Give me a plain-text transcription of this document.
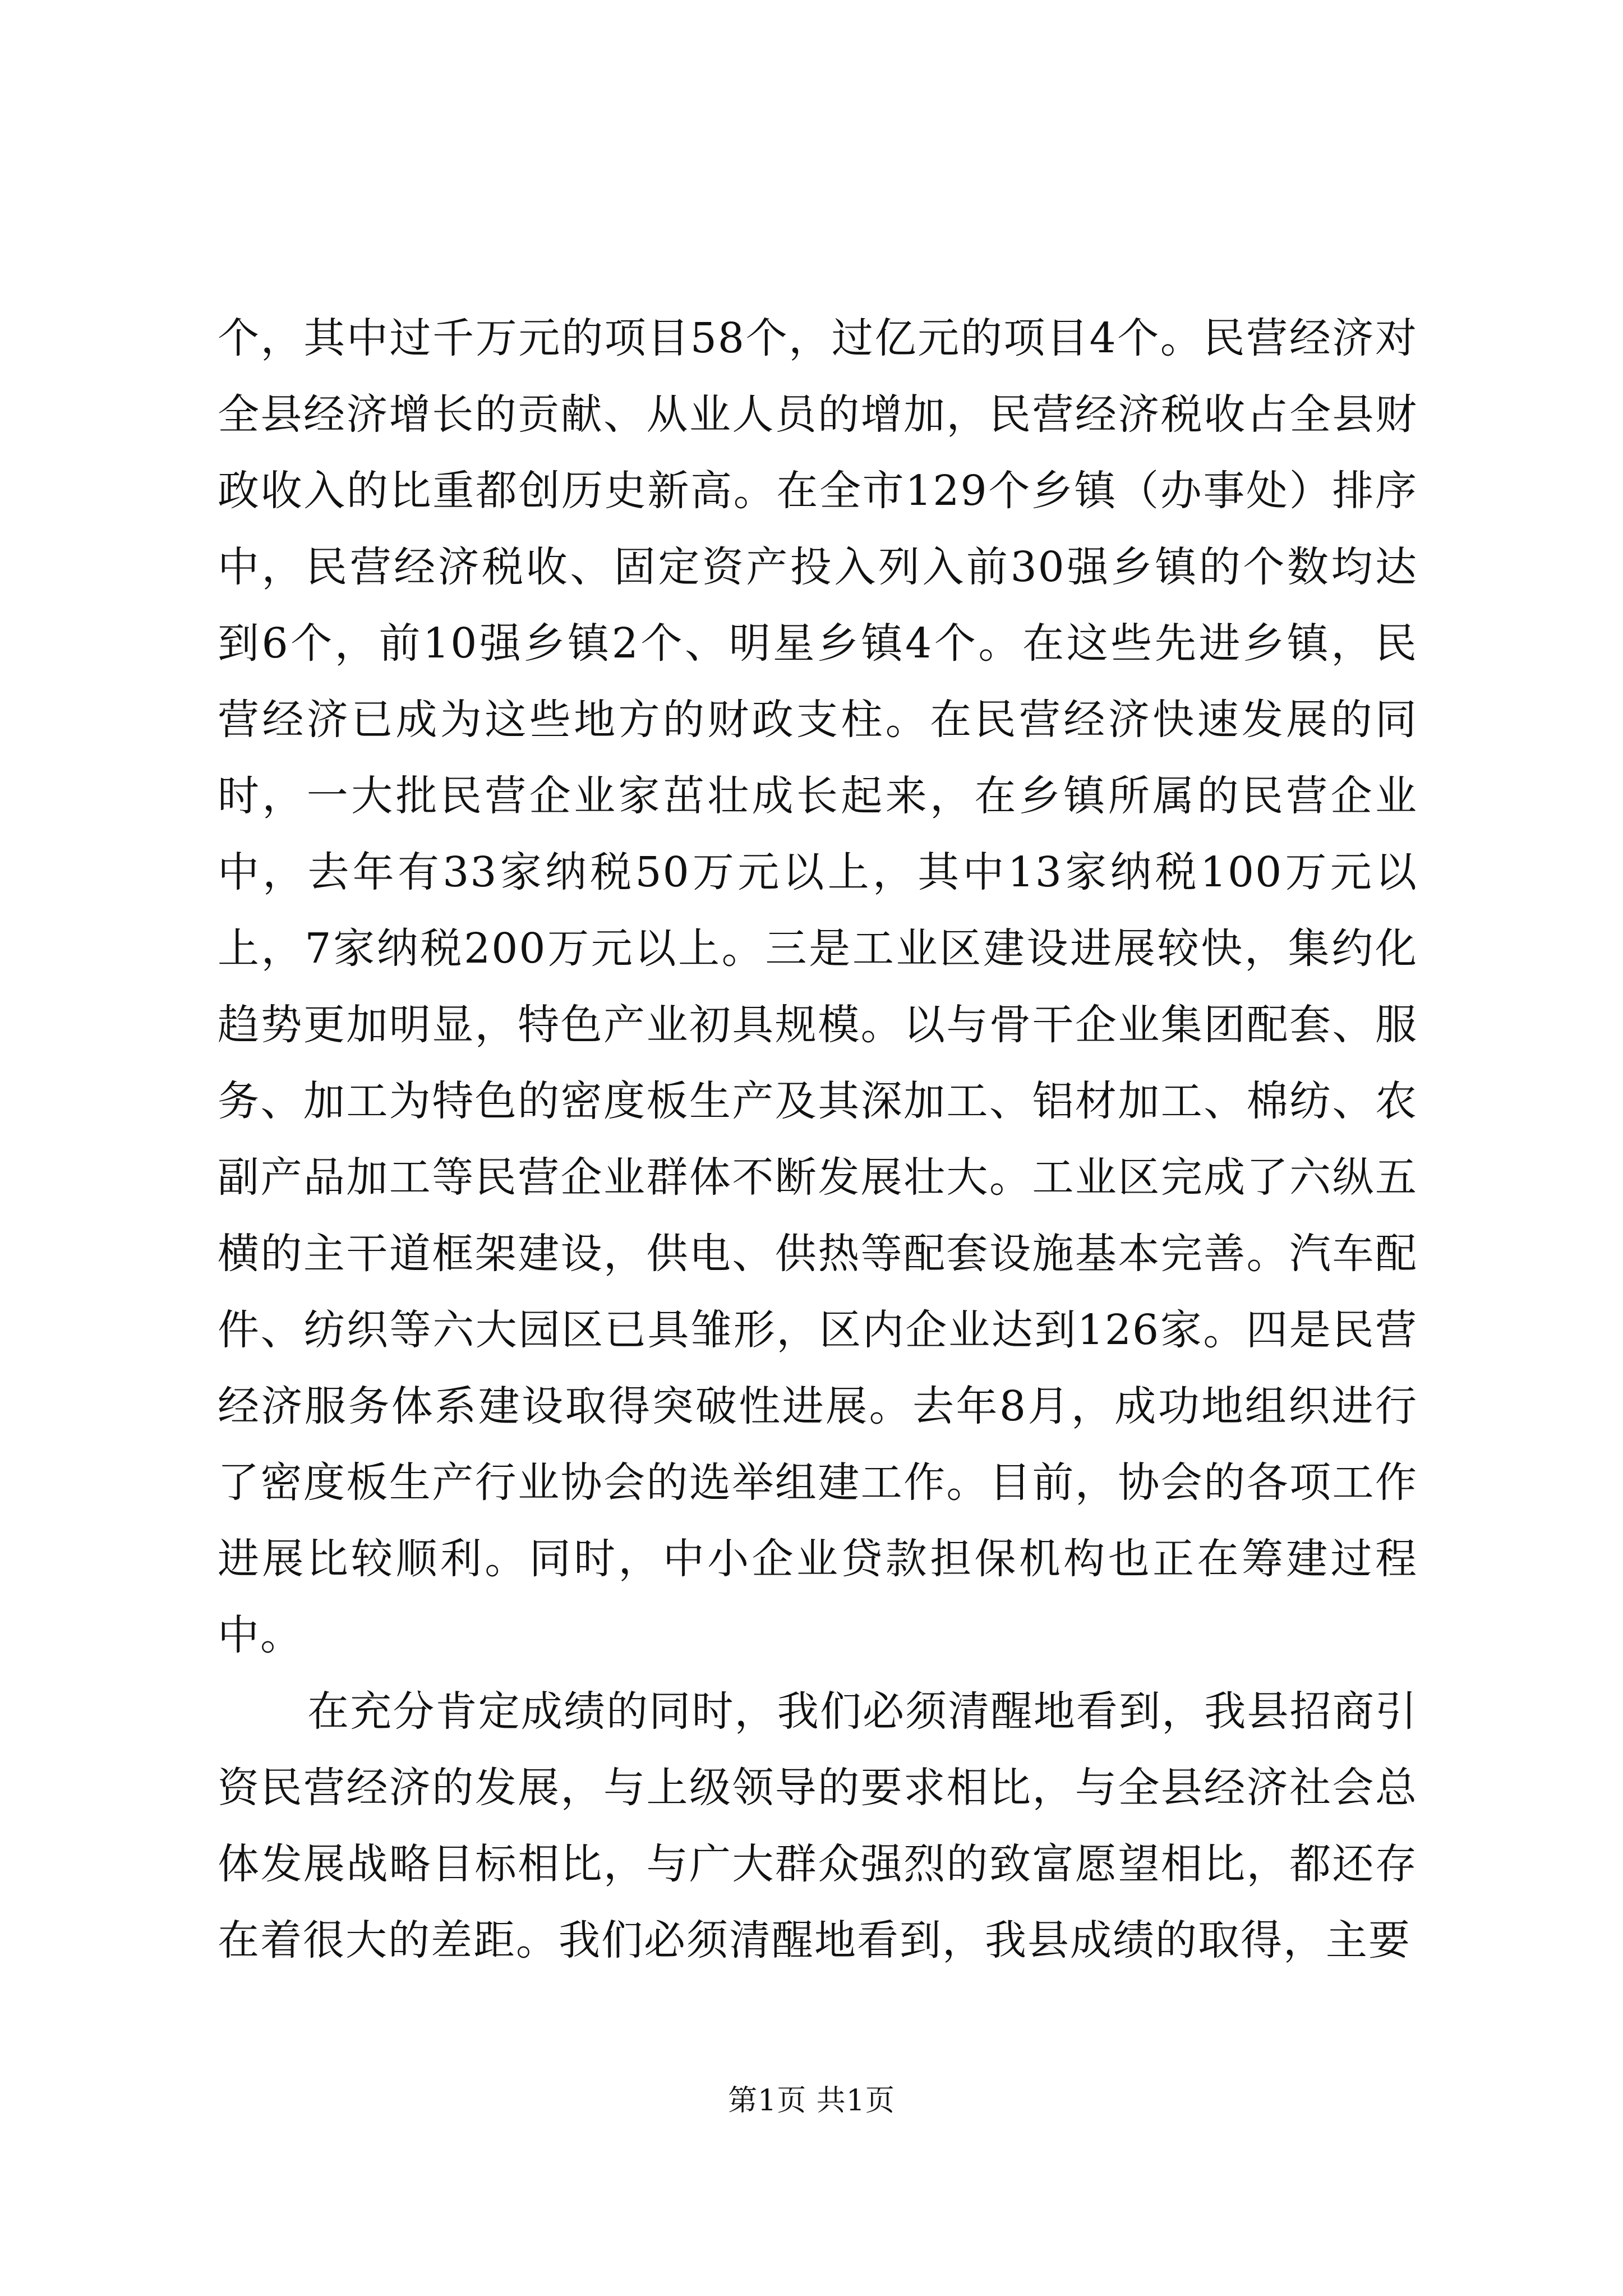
个，其中过千万元的项目58个，过亿元的项目4个。民营经济对全县经济增长的贡献、从业人员的增加，民营经济税收占全县财政收入的比重都创历史新高。在全市129个乡镇（办事处）排序中，民营经济税收、固定资产投入列入前30强乡镇的个数均达到6个，前10强乡镇2个、明星乡镇4个。在这些先进乡镇，民营经济已成为这些地方的财政支柱。在民营经济快速发展的同时，一大批民营企业家茁壮成长起来，在乡镇所属的民营企业中，去年有33家纳税50万元以上，其中13家纳税100万元以上，7家纳税200万元以上。三是工业区建设进展较快，集约化趋势更加明显，特色产业初具规模。以与骨干企业集团配套、服务、加工为特色的密度板生产及其深加工、铝材加工、棉纺、农副产品加工等民营企业群体不断发展壮大。工业区完成了六纵五横的主干道框架建设，供电、供热等配套设施基本完善。汽车配件、纺织等六大园区已具雏形，区内企业达到126家。四是民营经济服务体系建设取得突破性进展。去年8月，成功地组织进行了密度板生产行业协会的选举组建工作。目前，协会的各项工作进展比较顺利。同时，中小企业贷款担保机构也正在筹建过程中。

在充分肯定成绩的同时，我们必须清醒地看到，我县招商引资民营经济的发展，与上级领导的要求相比，与全县经济社会总体发展战略目标相比，与广大群众强烈的致富愿望相比，都还存在着很大的差距。我们必须清醒地看到，我县成绩的取得，主要

第1页 共1页
